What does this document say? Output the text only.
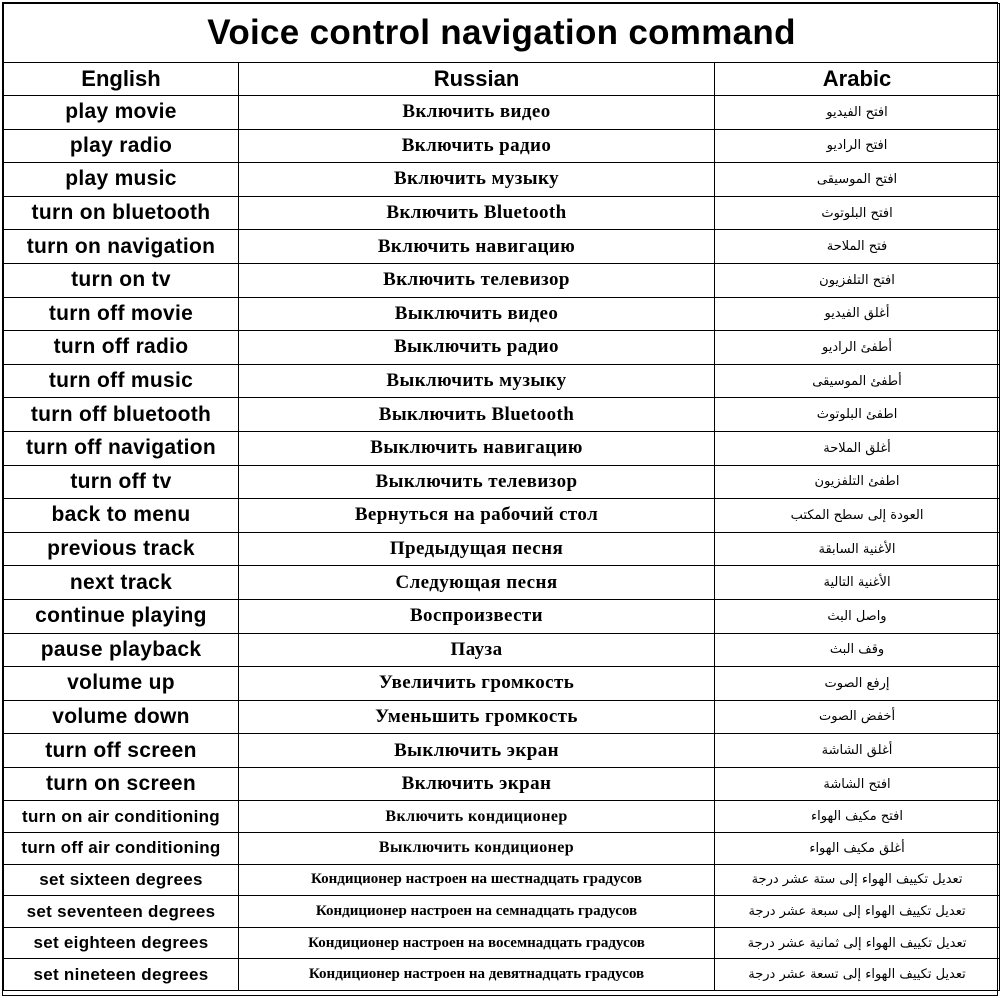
Voice control navigation command		
English	Russian	Arabic
play movie	Включить видео	افتح الفيديو
play radio	Включить радио	افتح الراديو
play music	Включить музыку	افتح الموسيقى
turn on bluetooth	Включить Bluetooth	افتح البلوتوث
turn on navigation	Включить навигацию	فتح الملاحة
turn on tv	Включить телевизор	افتح التلفزيون
turn off movie	Выключить видео	أغلق الفيديو
turn off radio	Выключить радио	أطفئ الراديو
turn off music	Выключить музыку	أطفئ الموسيقى
turn off bluetooth	Выключить Bluetooth	اطفئ البلوتوث
turn off navigation	Выключить навигацию	أغلق الملاحة
turn off tv	Выключить телевизор	اطفئ التلفزيون
back to menu	Вернуться на рабочий стол	العودة إلى سطح المكتب
previous track	Предыдущая песня	الأغنية السابقة
next track	Следующая песня	الأغنية التالية
continue playing	Воспроизвести	واصل البث
pause playback	Пауза	وقف البث
volume up	Увеличить громкость	إرفع الصوت
volume down	Уменьшить громкость	أخفض الصوت
turn off screen	Выключить экран	أغلق الشاشة
turn on screen	Включить экран	افتح الشاشة
turn on air conditioning	Включить кондиционер	افتح مكيف الهواء
turn off air conditioning	Выключить кондиционер	أغلق مكيف الهواء
set sixteen degrees	Кондиционер настроен на шестнадцать градусов	تعديل تكييف الهواء إلى ستة عشر درجة
set seventeen degrees	Кондиционер настроен на семнадцать градусов	تعديل تكييف الهواء إلى سبعة عشر درجة
set eighteen degrees	Кондиционер настроен на восемнадцать градусов	تعديل تكييف الهواء إلى ثمانية عشر درجة
set nineteen degrees	Кондиционер настроен на девятнадцать градусов	تعديل تكييف الهواء إلى تسعة عشر درجة
